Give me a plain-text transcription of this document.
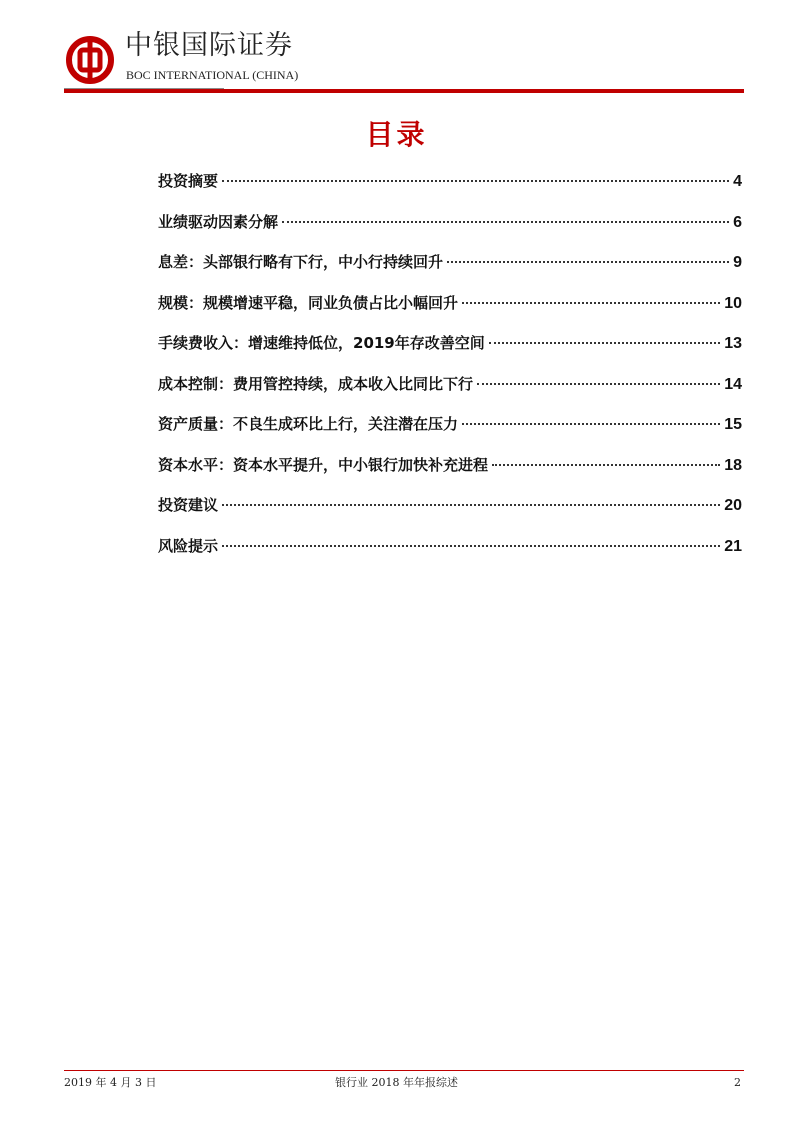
中银国际证券
BOC INTERNATIONAL (CHINA)
目录
投资摘要	4
业绩驱动因素分解	6
息差：头部银行略有下行，中小行持续回升	9
规模：规模增速平稳，同业负债占比小幅回升	10
手续费收入：增速维持低位，2019年存改善空间	13
成本控制：费用管控持续，成本收入比同比下行	14
资产质量：不良生成环比上行，关注潜在压力	15
资本水平：资本水平提升，中小银行加快补充进程	18
投资建议	20
风险提示	21
2019 年 4 月 3 日	银行业 2018 年年报综述	2
